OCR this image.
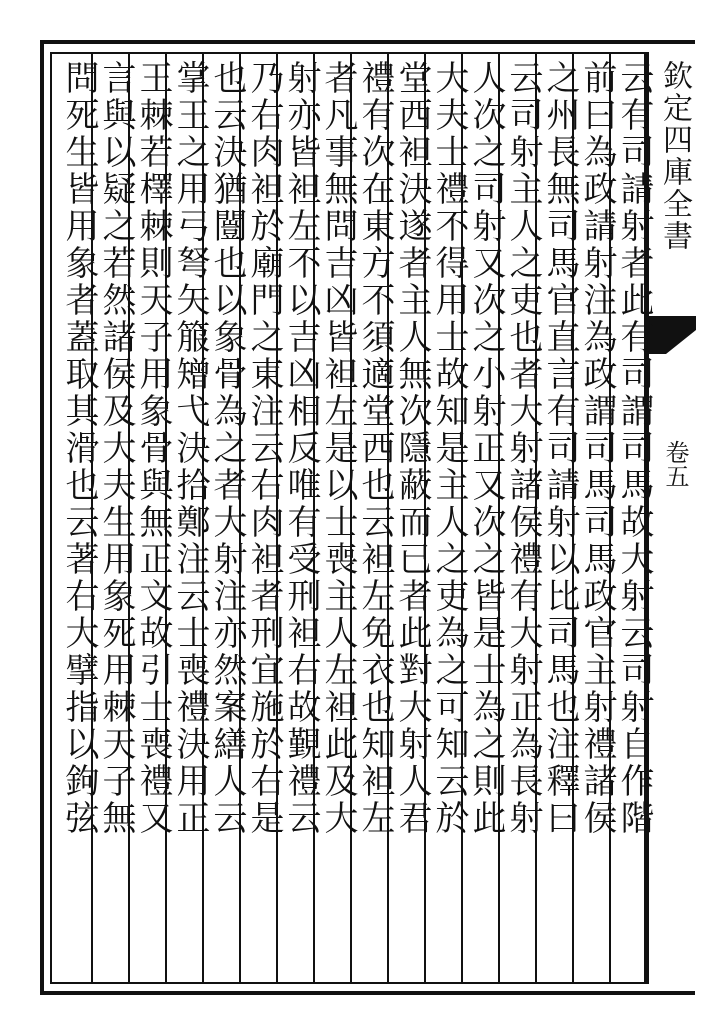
欽定四庫全書
卷五
云有司請射者此有司謂司馬故大射云司射自作階
前曰為政請射注為政謂司馬司馬政官主射禮諸侯
之州長無司馬官直言有司請射以比司馬也注釋曰
云司射主人之吏也者大射諸侯禮有大射正為長射
人次之司射又次之小射正又次之皆是士為之則此
大夫士禮不得用士故知是主人之吏為之可知云於
堂西袒決遂者主人無次隱蔽而已者此對大射人君
禮有次在東方不須適堂西也云袒左免衣也知袒左
者凡事無問吉凶皆袒左是以士喪主人左袒此及大
射亦皆袒左不以吉凶相反唯有受刑袒右故覲禮云
乃右肉袒於廟門之東注云右肉袒者刑宜施於右是
也云決猶闓也以象骨為之者大射注亦然案繕人云
掌王之用弓弩矢箙矰弋決拾鄭注云士喪禮決用正
王棘若檡棘則天子用象骨與無正文故引士喪禮又
言與以疑之若然諸侯及大夫生用象死用棘天子無
問死生皆用象者蓋取其滑也云著右大擘指以鉤弦
